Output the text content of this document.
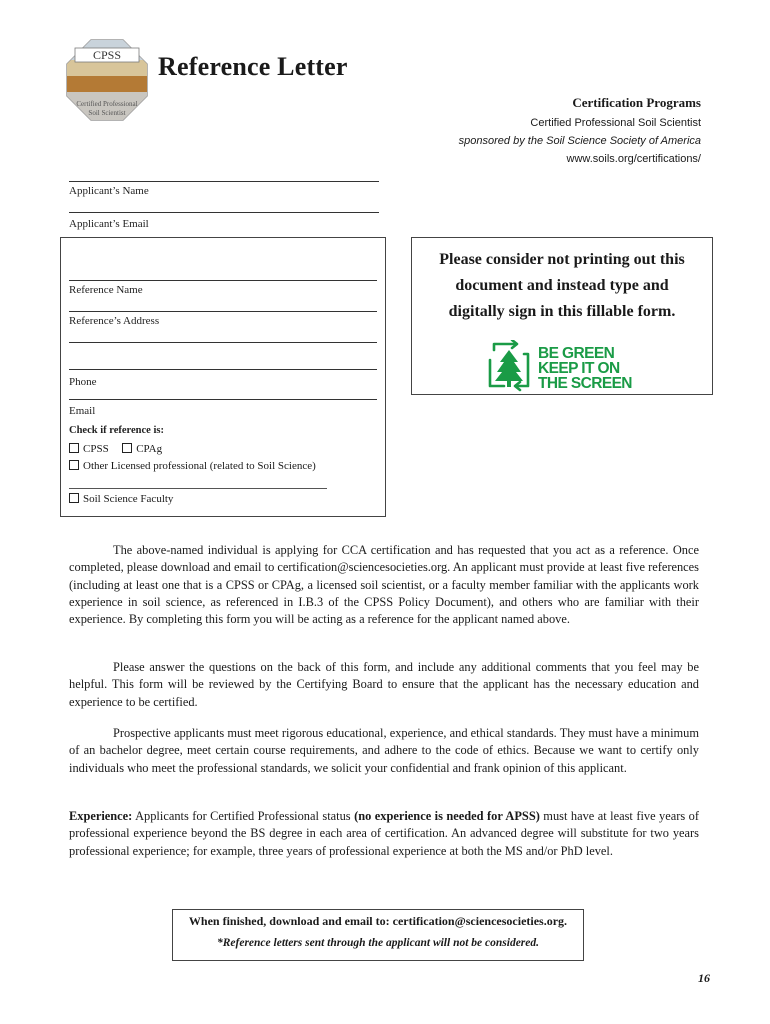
CPSS
Certified Professional
Soil Scientist
Reference Letter
Certification Programs
Certified Professional Soil Scientist
sponsored by the Soil Science Society of America
www.soils.org/certifications/
Applicant’s Name
Applicant’s Email
Reference Name
Reference’s Address
Phone
Email
Check if reference is:
CPSS	CPAg
Other Licensed professional (related to Soil Science)
Soil Science Faculty
Please consider not printing out this
document and instead type and
digitally sign in this fillable form.
BE GREEN
KEEP IT ON
THE SCREEN
The above-named individual is applying for CCA certification and has requested that you act as a reference. Once completed, please download and email to certification@sciencesocieties.org. An applicant must provide at least five references (including at least one that is a CPSS or CPAg, a licensed soil scientist, or a faculty member familiar with the applicants work experience in soil science, as referenced in I.B.3 of the CPSS Policy Document), and others who are familiar with their experience. By completing this form you will be acting as a reference for the applicant named above.
Please answer the questions on the back of this form, and include any additional comments that you feel may be helpful. This form will be reviewed by the Certifying Board to ensure that the applicant has the necessary education and experience to be certified.
Prospective applicants must meet rigorous educational, experience, and ethical standards. They must have a minimum of an bachelor degree, meet certain course requirements, and adhere to the code of ethics. Because we want to certify only individuals who meet the professional standards, we solicit your confidential and frank opinion of this applicant.
Experience: Applicants for Certified Professional status (no experience is needed for APSS) must have at least five years of professional experience beyond the BS degree in each area of certification. An advanced degree will substitute for two years professional experience; for example, three years of professional experience at both the MS and/or PhD level.
When finished, download and email to: certification@sciencesocieties.org.
*Reference letters sent through the applicant will not be considered.
16
